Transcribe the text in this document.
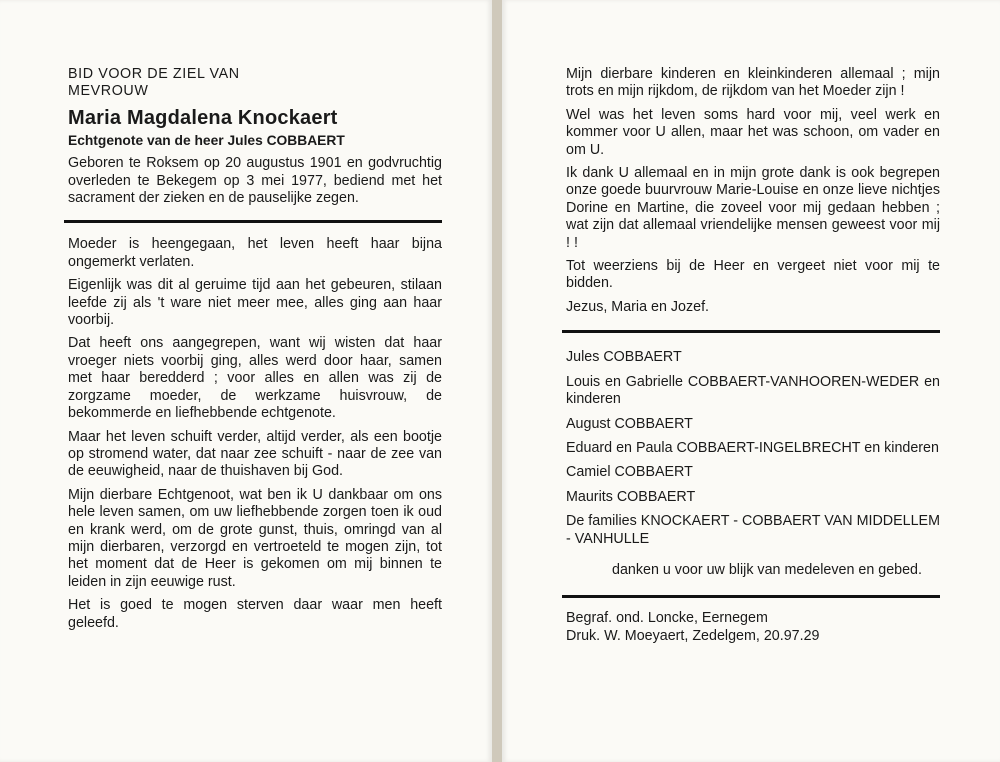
BID VOOR DE ZIEL VAN
MEVROUW
Maria Magdalena Knockaert
Echtgenote van de heer Jules COBBAERT

Geboren te Roksem op 20 augustus 1901 en godvruchtig overleden te Bekegem op 3 mei 1977, bediend met het sacrament der zieken en de pauselijke zegen.

Moeder is heengegaan, het leven heeft haar bijna ongemerkt verlaten.

Eigenlijk was dit al geruime tijd aan het gebeuren, stilaan leefde zij als 't ware niet meer mee, alles ging aan haar voorbij.

Dat heeft ons aangegrepen, want wij wisten dat haar vroeger niets voorbij ging, alles werd door haar, samen met haar beredderd ; voor alles en allen was zij de zorgzame moeder, de werkzame huisvrouw, de bekommerde en liefhebbende echtgenote.

Maar het leven schuift verder, altijd verder, als een bootje op stromend water, dat naar zee schuift - naar de zee van de eeuwigheid, naar de thuishaven bij God.

Mijn dierbare Echtgenoot, wat ben ik U dankbaar om ons hele leven samen, om uw liefhebbende zorgen toen ik oud en krank werd, om de grote gunst, thuis, omringd van al mijn dierbaren, verzorgd en vertroeteld te mogen zijn, tot het moment dat de Heer is gekomen om mij binnen te leiden in zijn eeuwige rust.

Het is goed te mogen sterven daar waar men heeft geleefd.

Mijn dierbare kinderen en kleinkinderen allemaal ; mijn trots en mijn rijkdom, de rijkdom van het Moeder zijn !

Wel was het leven soms hard voor mij, veel werk en kommer voor U allen, maar het was schoon, om vader en om U.

Ik dank U allemaal en in mijn grote dank is ook begrepen onze goede buurvrouw Marie-Louise en onze lieve nichtjes Dorine en Martine, die zoveel voor mij gedaan hebben ; wat zijn dat allemaal vriendelijke mensen geweest voor mij ! !

Tot weerziens bij de Heer en vergeet niet voor mij te bidden.

Jezus, Maria en Jozef.

Jules COBBAERT

Louis en Gabrielle COBBAERT-VANHOOREN-WEDER en kinderen

August COBBAERT

Eduard en Paula COBBAERT-INGELBRECHT en kinderen

Camiel COBBAERT

Maurits COBBAERT

De families KNOCKAERT - COBBAERT VAN MIDDELLEM - VANHULLE

danken u voor uw blijk van medeleven en gebed.

Begraf. ond. Loncke, Eernegem

Druk. W. Moeyaert, Zedelgem, 20.97.29
